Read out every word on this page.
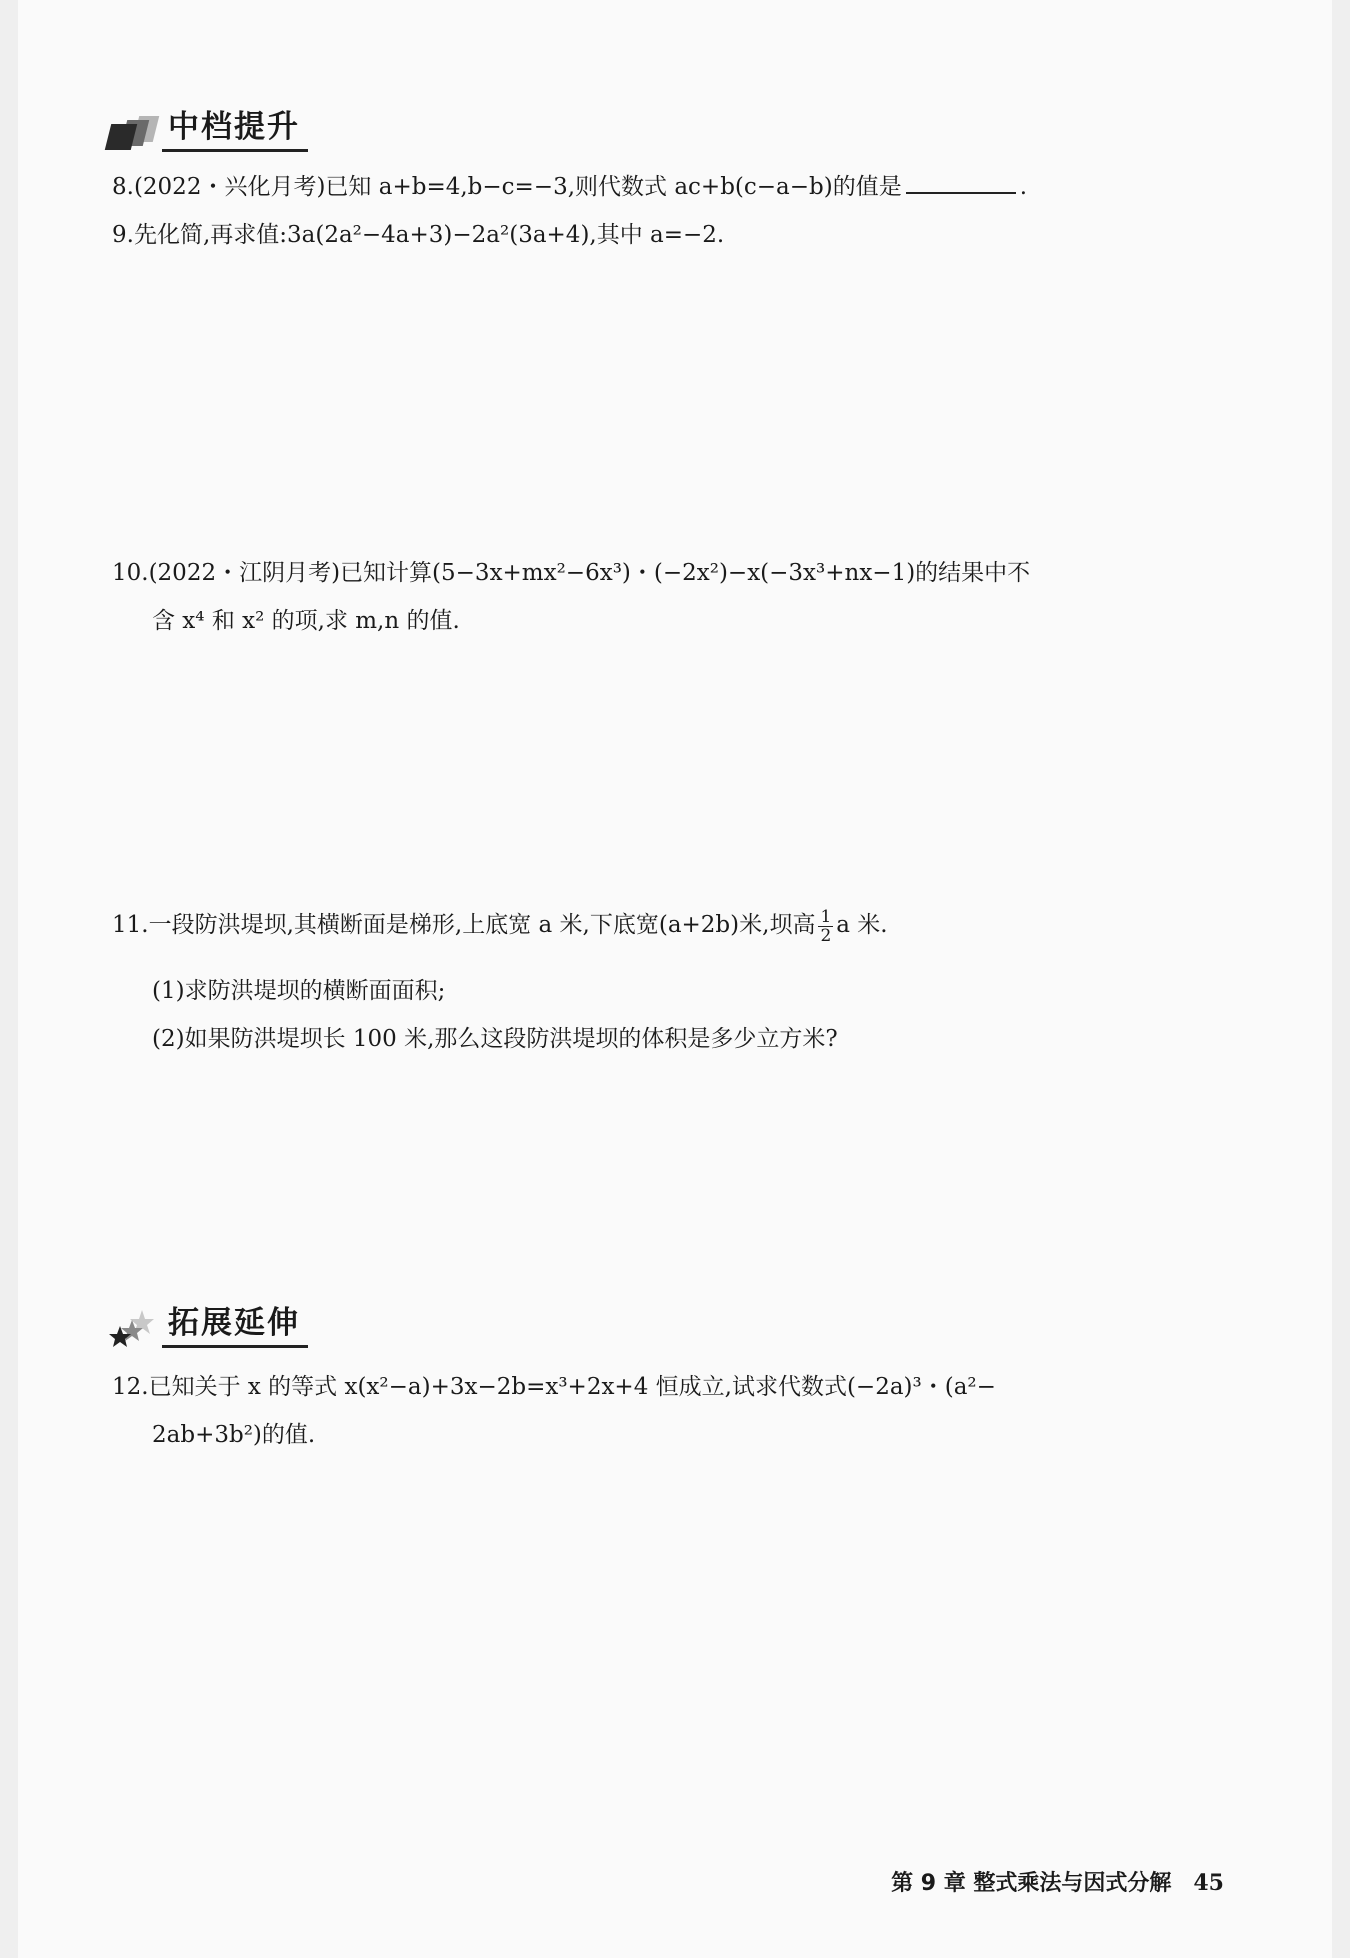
中档提升
8.(2022・兴化月考)已知 a+b=4,b−c=−3,则代数式 ac+b(c−a−b)的值是	.
9.先化简,再求值:3a(2a²−4a+3)−2a²(3a+4),其中 a=−2.
10.(2022・江阴月考)已知计算(5−3x+mx²−6x³)・(−2x²)−x(−3x³+nx−1)的结果中不
含 x⁴ 和 x² 的项,求 m,n 的值.
11.一段防洪堤坝,其横断面是梯形,上底宽 a 米,下底宽(a+2b)米,坝高 $\frac{1}{2}$ a 米.
(1)求防洪堤坝的横断面面积;
(2)如果防洪堤坝长 100 米,那么这段防洪堤坝的体积是多少立方米?
拓展延伸
12.已知关于 x 的等式 x(x²−a)+3x−2b=x³+2x+4 恒成立,试求代数式(−2a)³・(a²−
2ab+3b²)的值.
第 9 章 整式乘法与因式分解 45
